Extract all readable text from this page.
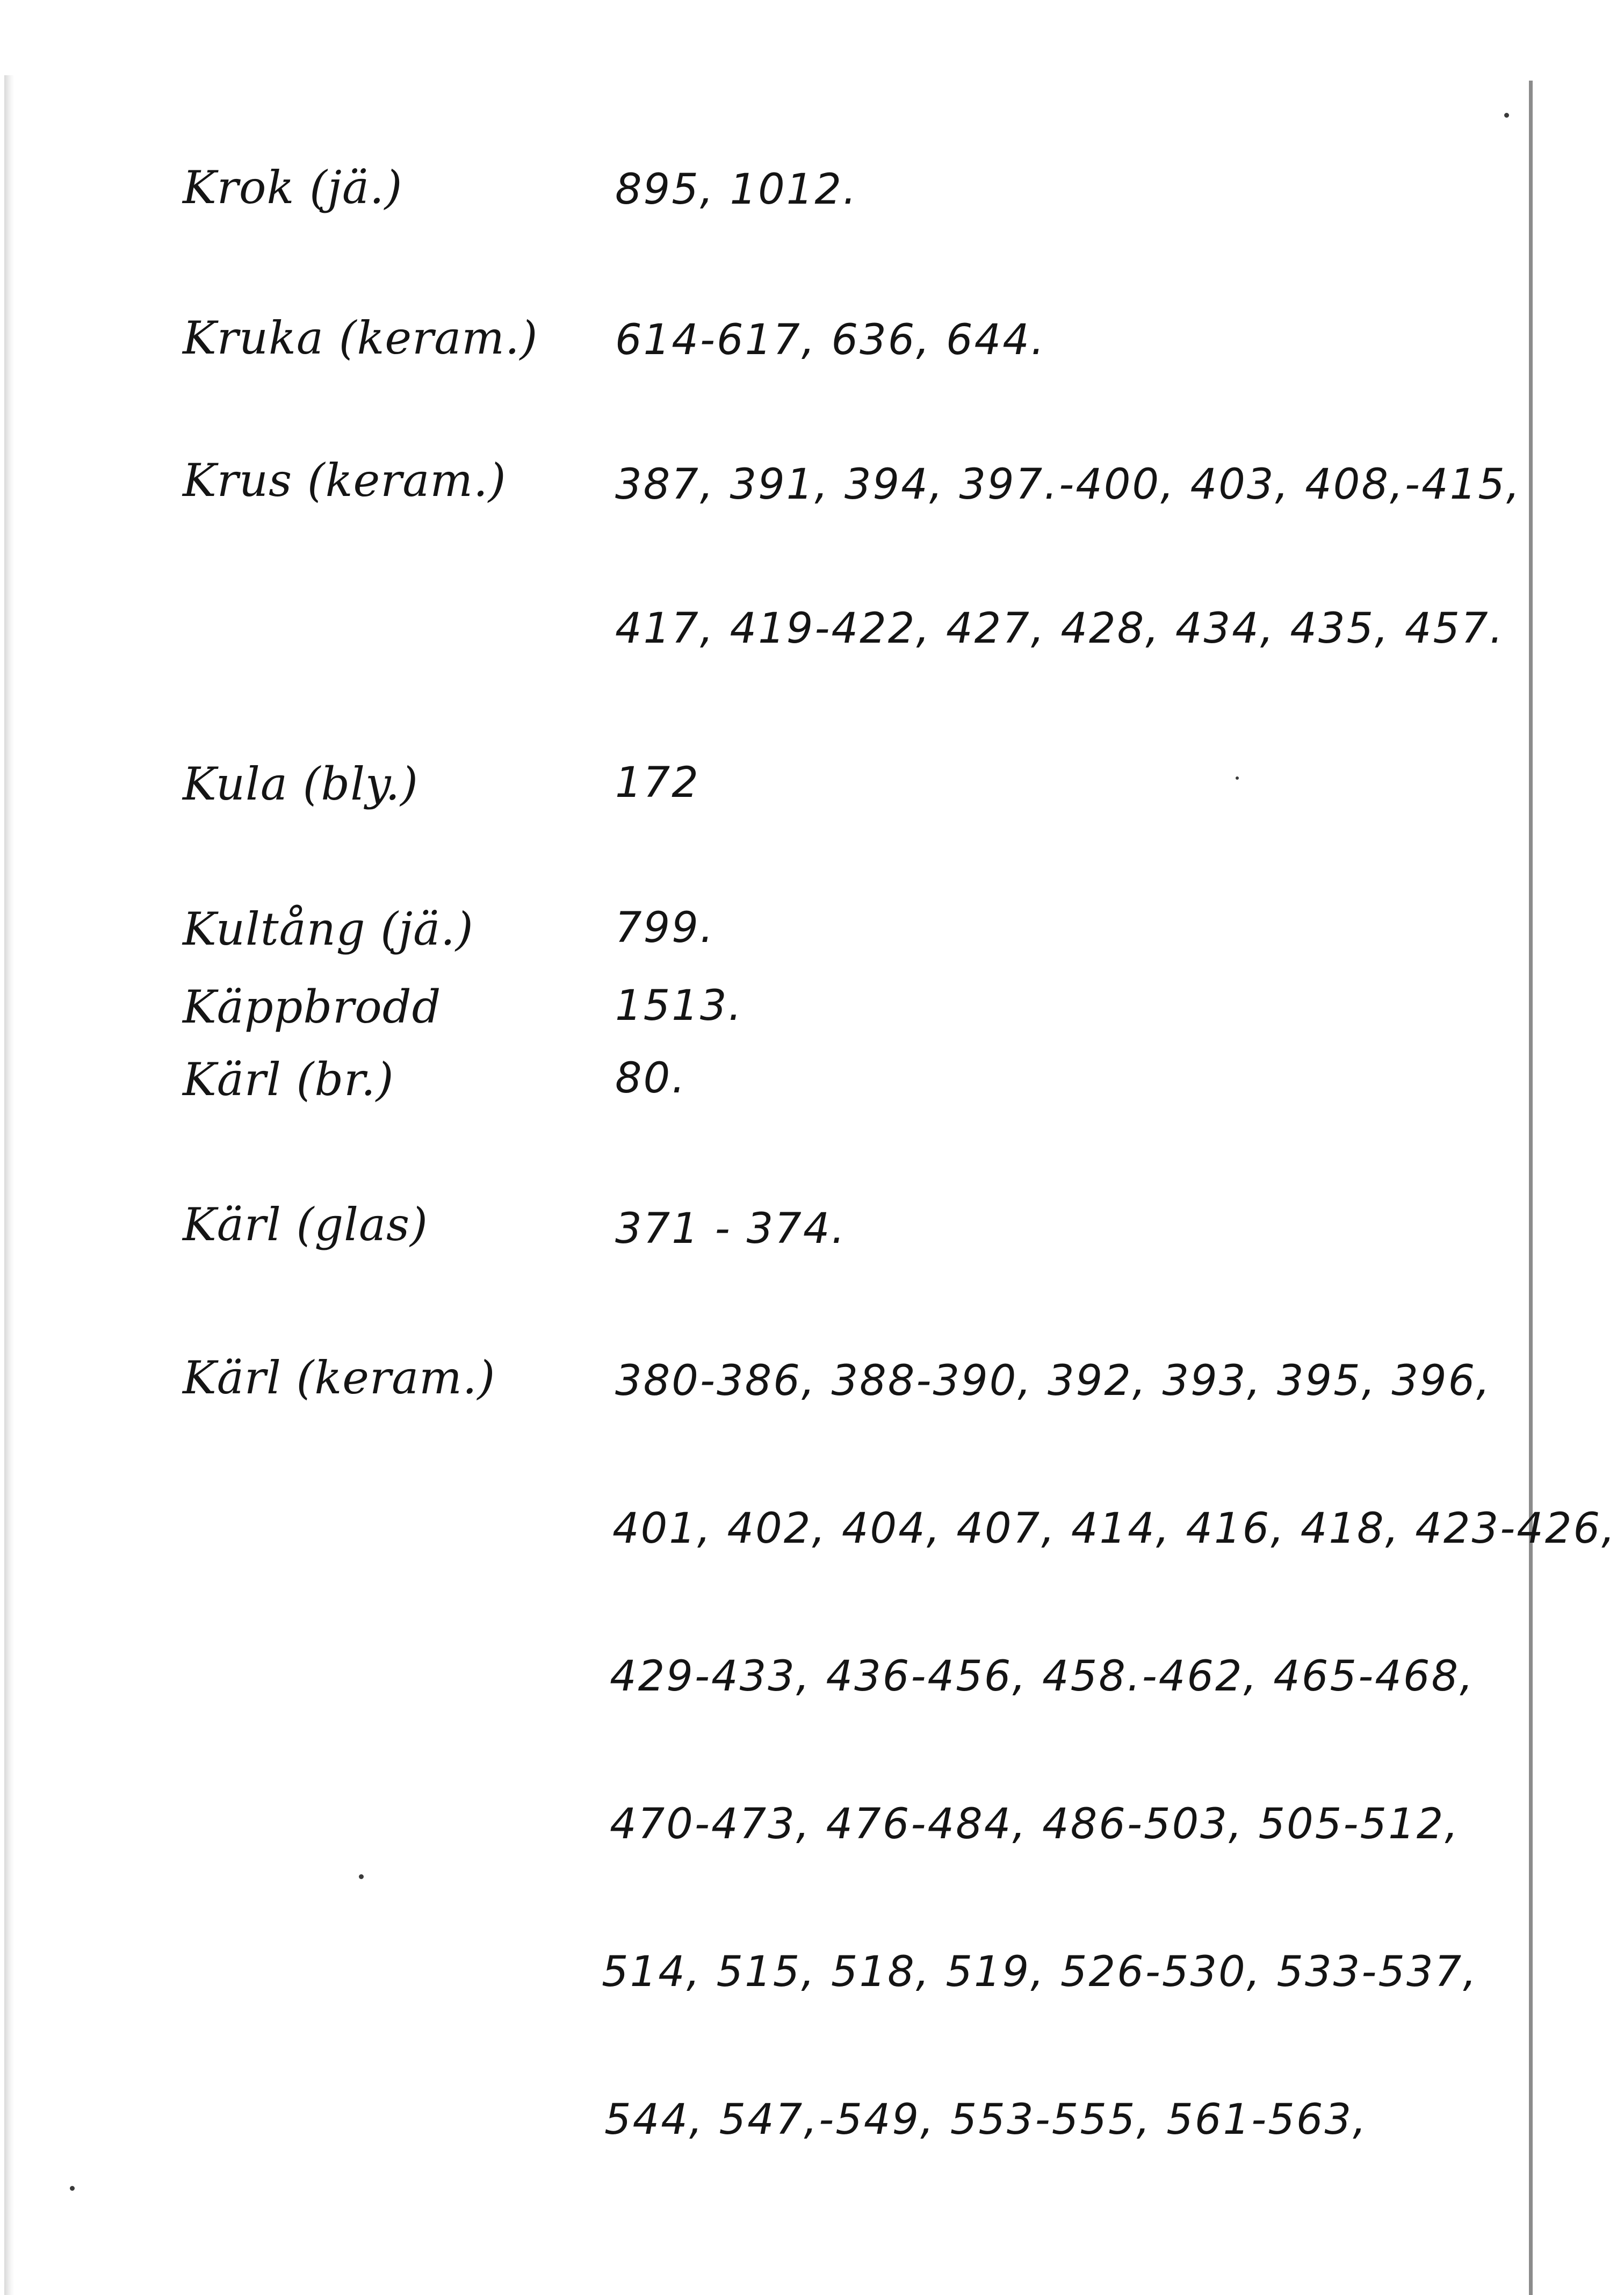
Krok (jä.)	895, 1012.
Kruka (keram.) 614-617, 636, 644.
Krus (keram.)	387, 391, 394, 397.-400, 403, 408,-415,
417, 419-422, 427, 428, 434, 435, 457.
Kula (bly.)	172
Kultång (jä.)	799.
Käppbrodd	1513.
Kärl (br.)	80.
Kärl (glas)	371 - 374.
Kärl (keram.)	380-386, 388-390, 392, 393, 395, 396,
401, 402, 404, 407, 414, 416, 418, 423-426,
429-433, 436-456, 458.-462, 465-468,
470-473, 476-484, 486-503, 505-512,
514, 515, 518, 519, 526-530, 533-537,
544, 547,-549, 553-555, 561-563,
